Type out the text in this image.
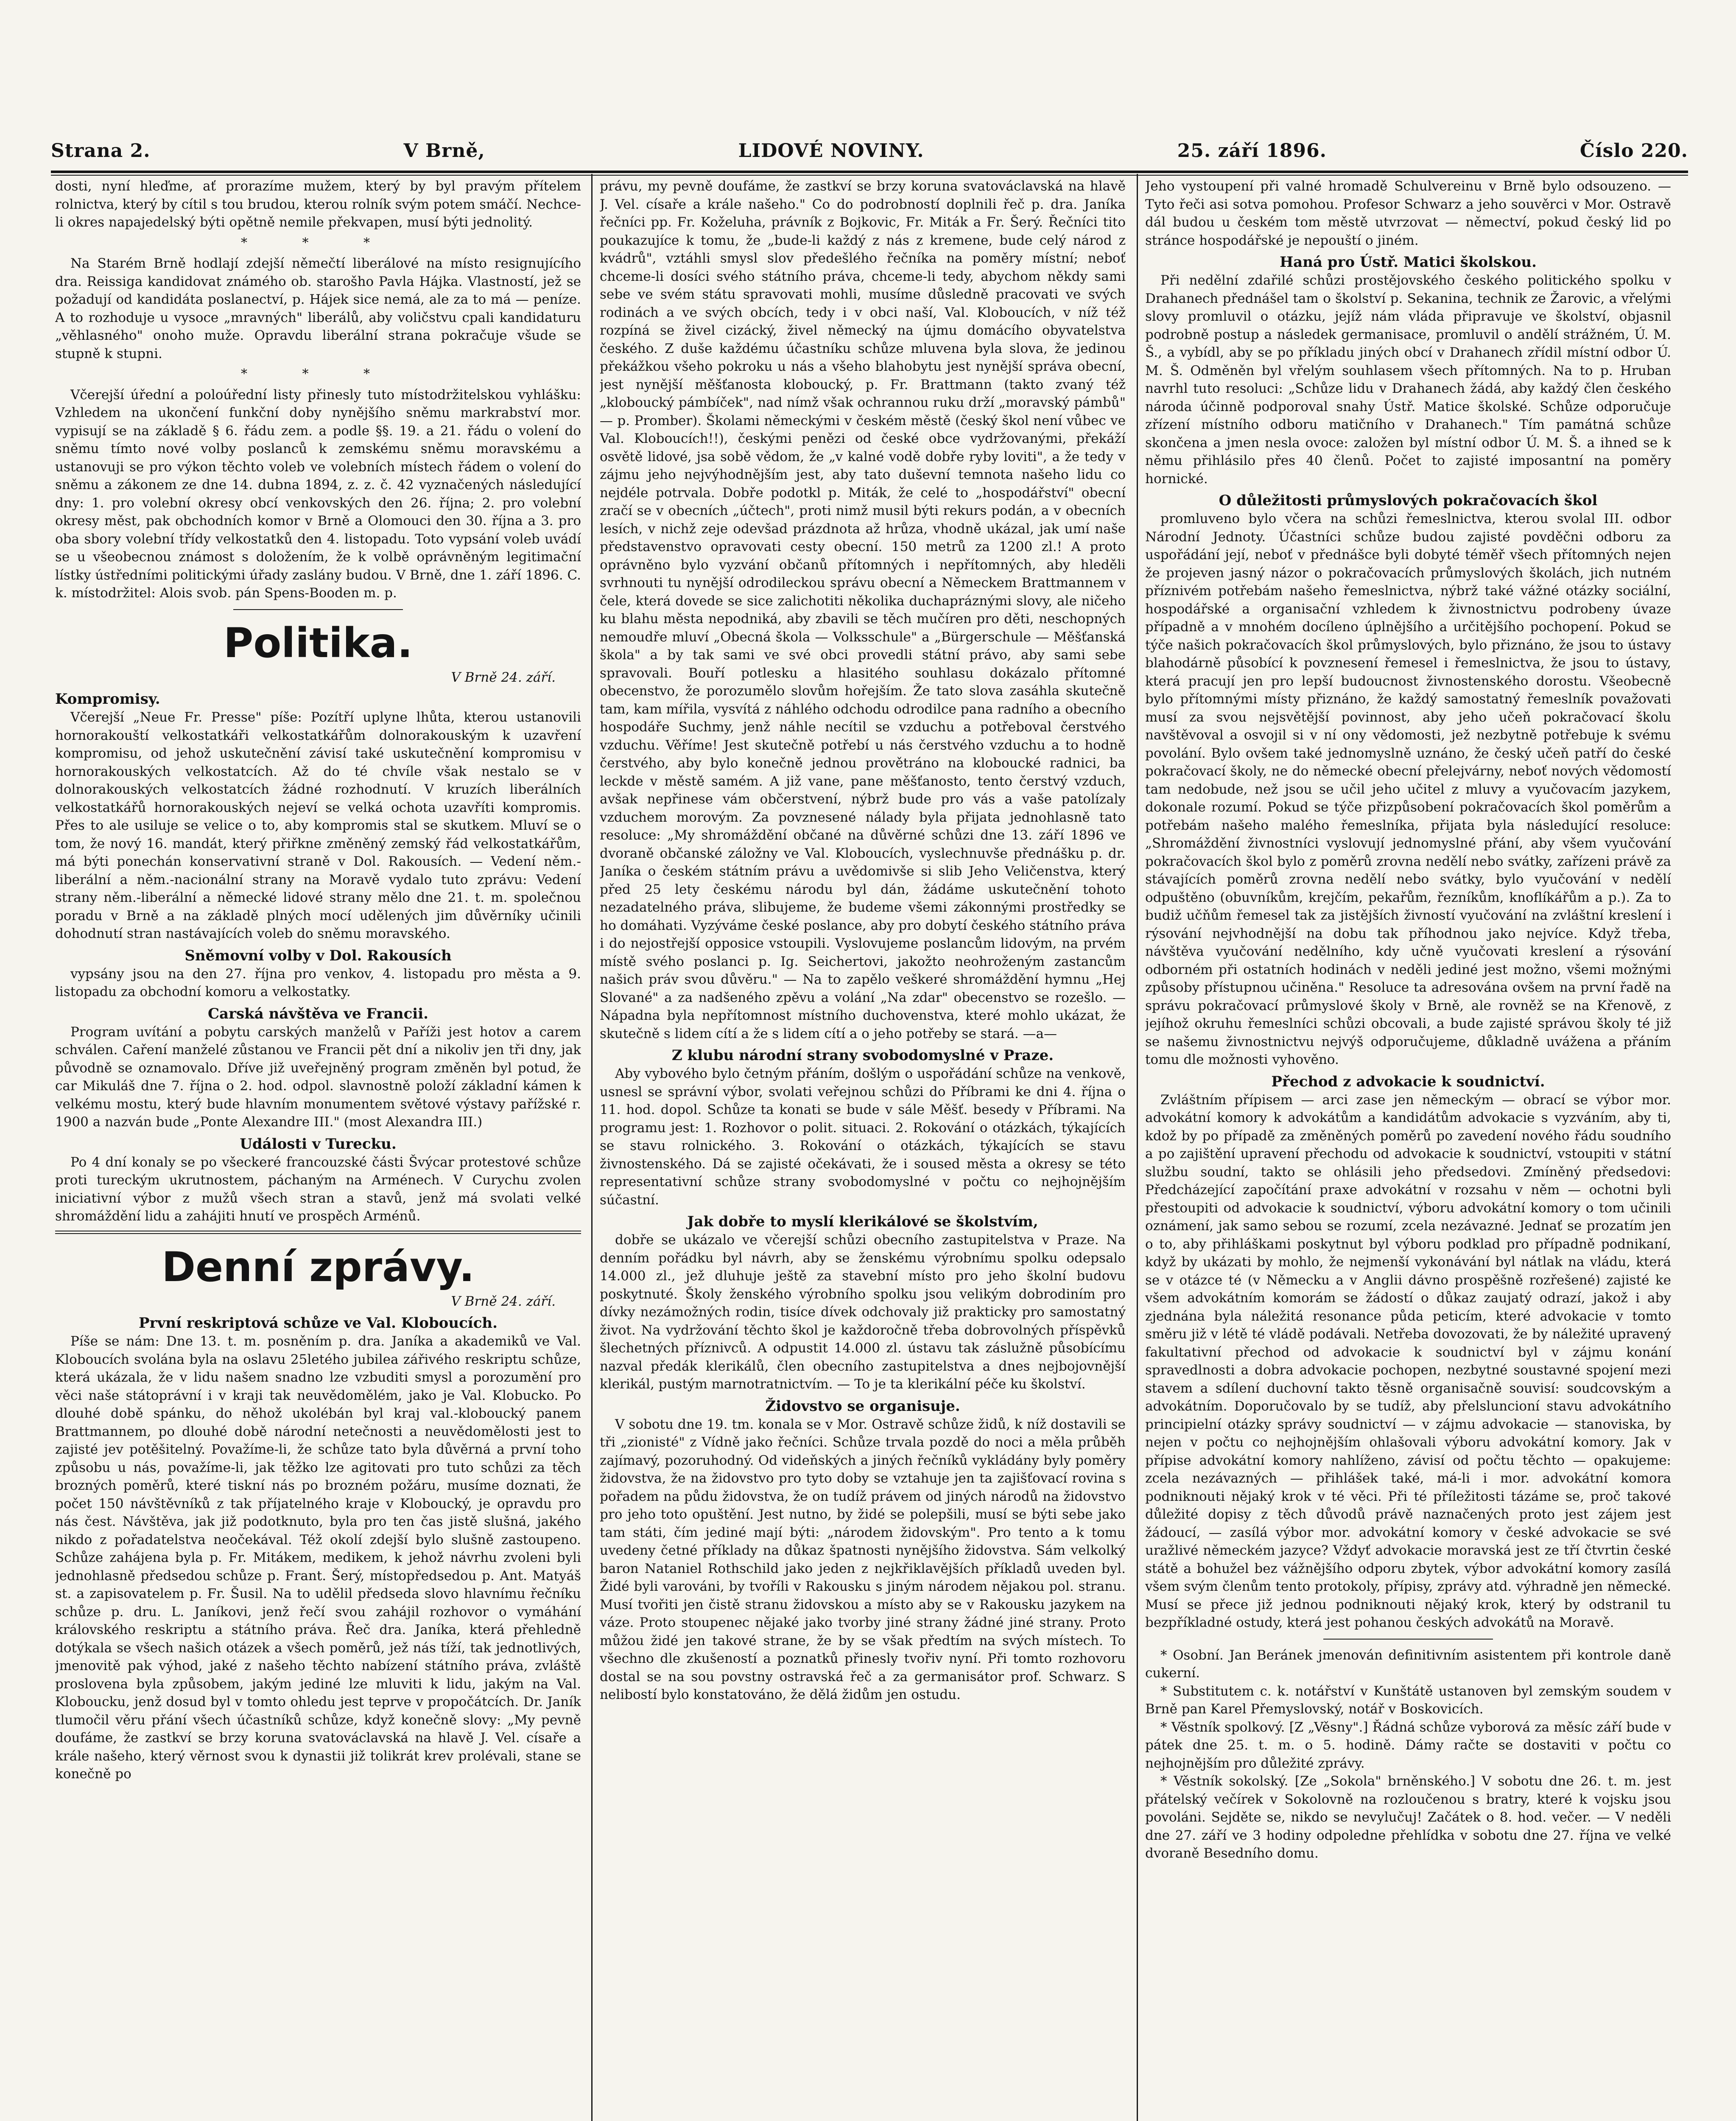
Strana 2.	V Brně,	LIDOVÉ NOVINY.	25. září 1896.	Číslo 220.

dosti, nyní hleďme, ať prorazíme mužem, který by byl pravým přítelem rolnictva, který by cítil s tou brudou, kterou rolník svým potem smáčí. Nechce-li okres napajedelský býti opětně nemile překvapen, musí býti jednolitý.

* * *

Na Starém Brně hodlají zdejší němečtí liberálové na místo resignujícího dra. Reissiga kandidovat známého ob. starošho Pavla Hájka. Vlastností, jež se požadují od kandidáta poslanectví, p. Hájek sice nemá, ale za to má — peníze. A to rozhoduje u vysoce „mravných" liberálů, aby voličstvu cpali kandidaturu „věhlasného" onoho muže. Opravdu liberální strana pokračuje všude se stupně k stupni.

* * *

Včerejší úřední a poloúřední listy přinesly tuto místodržitelskou vyhlášku: Vzhledem na ukončení funkční doby nynějšího sněmu markrabství mor. vypisují se na základě § 6. řádu zem. a podle §§. 19. a 21. řádu o volení do sněmu tímto nové volby poslanců k zemskému sněmu moravskému a ustanovuji se pro výkon těchto voleb ve volebních místech řádem o volení do sněmu a zákonem ze dne 14. dubna 1894, z. z. č. 42 vyznačených následující dny: 1. pro volební okresy obcí venkovských den 26. října; 2. pro volební okresy měst, pak obchodních komor v Brně a Olomouci den 30. října a 3. pro oba sbory volební třídy velkostatků den 4. listopadu. Toto vypsání voleb uvádí se u všeobecnou známost s doložením, že k volbě oprávněným legitimační lístky ústředními politickými úřady zaslány budou. V Brně, dne 1. září 1896. C. k. místodržitel: Alois svob. pán Spens-Booden m. p.

Politika.
V Brně 24. září.
Kompromisy.

Včerejší „Neue Fr. Presse" píše: Pozítří uplyne lhůta, kterou ustanovili hornorakouští velkostatkáři velkostatkářům dolnorakouským k uzavření kompromisu, od jehož uskutečnění závisí také uskutečnění kompromisu v hornorakouských velkostatcích. Až do té chvíle však nestalo se v dolnorakouských velkostatcích žádné rozhodnutí. V kruzích liberálních velkostatkářů hornorakouských nejeví se velká ochota uzavříti kompromis. Přes to ale usiluje se velice o to, aby kompromis stal se skutkem. Mluví se o tom, že nový 16. mandát, který přiřkne změněný zemský řád velkostatkářům, má býti ponechán konservativní straně v Dol. Rakousích. — Vedení něm.-liberální a něm.-nacionální strany na Moravě vydalo tuto zprávu: Vedení strany něm.-liberální a německé lidové strany mělo dne 21. t. m. společnou poradu v Brně a na základě plných mocí udělených jim důvěrníky učinili dohodnutí stran nastávajících voleb do sněmu moravského.

Sněmovní volby v Dol. Rakousích

vypsány jsou na den 27. října pro venkov, 4. listopadu pro města a 9. listopadu za obchodní komoru a velkostatky.

Carská návštěva ve Francii.

Program uvítání a pobytu carských manželů v Paříži jest hotov a carem schválen. Caření manželé zůstanou ve Francii pět dní a nikoliv jen tři dny, jak původně se oznamovalo. Dříve již uveřejněný program změněn byl potud, že car Mikuláš dne 7. října o 2. hod. odpol. slavnostně položí základní kámen k velkému mostu, který bude hlavním monumentem světové výstavy pařížské r. 1900 a nazván bude „Ponte Alexandre III." (most Alexandra III.)

Události v Turecku.

Po 4 dní konaly se po všeckeré francouzské části Švýcar protestové schůze proti tureckým ukrutnostem, páchaným na Arménech. V Curychu zvolen iniciativní výbor z mužů všech stran a stavů, jenž má svolati velké shromáždění lidu a zahájiti hnutí ve prospěch Arménů.

Denní zprávy.
V Brně 24. září.
První reskriptová schůze ve Val. Kloboucích.

Píše se nám: Dne 13. t. m. posněním p. dra. Janíka a akademiků ve Val. Kloboucích svolána byla na oslavu 25letého jubilea zářivého reskriptu schůze, která ukázala, že v lidu našem snadno lze vzbuditi smysl a porozumění pro věci naše státoprávní i v kraji tak neuvědomělém, jako je Val. Klobucko. Po dlouhé době spánku, do něhož ukolébán byl kraj val.-kloboucký panem Brattmannem, po dlouhé době národní netečnosti a neuvědomělosti jest to zajisté jev potěšitelný. Považíme-li, že schůze tato byla důvěrná a první toho způsobu u nás, považíme-li, jak těžko lze agitovati pro tuto schůzi za těch brozných poměrů, které tiskní nás po brozném požáru, musíme doznati, že počet 150 návštěvníků z tak příjatelného kraje v Kloboucký, je opravdu pro nás čest. Návštěva, jak již podotknuto, byla pro ten čas jistě slušná, jakého nikdo z pořadatelstva neočekával. Též okolí zdejší bylo slušně zastoupeno. Schůze zahájena byla p. Fr. Mitákem, medikem, k jehož návrhu zvoleni byli jednohlasně předsedou schůze p. Frant. Šerý, místopředsedou p. Ant. Matyáš st. a zapisovatelem p. Fr. Šusil. Na to udělil předseda slovo hlavnímu řečníku schůze p. dru. L. Janíkovi, jenž řečí svou zahájil rozhovor o vymáhání královského reskriptu a státního práva. Řeč dra. Janíka, která přehledně dotýkala se všech našich otázek a všech poměrů, jež nás tíží, tak jednotlivých, jmenovitě pak výhod, jaké z našeho těchto nabízení státního práva, zvláště proslovena byla způsobem, jakým jediné lze mluviti k lidu, jakým na Val. Kloboucku, jenž dosud byl v tomto ohledu jest teprve v propočátcích. Dr. Janík tlumočil věru přání všech účastníků schůze, když konečně slovy: „My pevně doufáme, že zastkví se brzy koruna svatováclavská na hlavě J. Vel. císaře a krále našeho, který věrnost svou k dynastii již tolikrát krev prolévali, stane se konečně po

právu, my pevně doufáme, že zastkví se brzy koruna svatováclavská na hlavě J. Vel. císaře a krále našeho." Co do podrobností doplnili řeč p. dra. Janíka řečníci pp. Fr. Koželuha, právník z Bojkovic, Fr. Miták a Fr. Šerý. Řečníci tito poukazujíce k tomu, že „bude-li každý z nás z kremene, bude celý národ z kvádrů", vztáhli smysl slov předešlého řečníka na poměry místní; neboť chceme-li dosíci svého státního práva, chceme-li tedy, abychom někdy sami sebe ve svém státu spravovati mohli, musíme důsledně pracovati ve svých rodinách a ve svých obcích, tedy i v obci naší, Val. Kloboucích, v níž též rozpíná se živel cizácký, živel německý na újmu domácího obyvatelstva českého. Z duše každému účastníku schůze mluvena byla slova, že jedinou překážkou všeho pokroku u nás a všeho blahobytu jest nynější správa obecní, jest nynější měšťanosta kloboucký, p. Fr. Brattmann (takto zvaný též „kloboucký pámbíček", nad nímž však ochrannou ruku drží „moravský pámbů" — p. Promber). Školami německými v českém městě (český škol není vůbec ve Val. Kloboucích!!), českými penězi od české obce vydržovanými, překáží osvětě lidové, jsa sobě vědom, že „v kalné vodě dobře ryby loviti", a že tedy v zájmu jeho nejvýhodnějším jest, aby tato duševní temnota našeho lidu co nejdéle potrvala. Dobře podotkl p. Miták, že celé to „hospodářství" obecní zračí se v obecních „účtech", proti nimž musil býti rekurs podán, a v obecních lesích, v nichž zeje odevšad prázdnota až hrůza, vhodně ukázal, jak umí naše představenstvo opravovati cesty obecní. 150 metrů za 1200 zl.! A proto oprávněno bylo vyzvání občanů přítomných i nepřítomných, aby hleděli svrhnouti tu nynější odrodileckou správu obecní a Německem Brattmannem v čele, která dovede se sice zalichotiti několika duchapráznými slovy, ale ničeho ku blahu města nepodniká, aby zbavili se těch mučíren pro děti, neschopných nemoudře mluví „Obecná škola — Volksschule" a „Bürgerschule — Měšťanská škola" a by tak sami ve své obci provedli státní právo, aby sami sebe spravovali. Bouří potlesku a hlasitého souhlasu dokázalo přítomné obecenstvo, že porozumělo slovům hořejším. Že tato slova zasáhla skutečně tam, kam mířila, vysvítá z náhlého odchodu odrodilce pana radního a obecního hospodáře Suchmy, jenž náhle necítil se vzduchu a potřeboval čerstvého vzduchu. Věříme! Jest skutečně potřebí u nás čerstvého vzduchu a to hodně čerstvého, aby bylo konečně jednou provětráno na kloboucké radnici, ba leckde v městě samém. A již vane, pane měšťanosto, tento čerstvý vzduch, avšak nepřinese vám občerstvení, nýbrž bude pro vás a vaše patolízaly vzduchem morovým. Za povznesené nálady byla přijata jednohlasně tato resoluce: „My shromáždění občané na důvěrné schůzi dne 13. září 1896 ve dvoraně občanské záložny ve Val. Kloboucích, vyslechnuvše přednášku p. dr. Janíka o českém státním právu a uvědomivše si slib Jeho Veličenstva, který před 25 lety českému národu byl dán, žádáme uskutečnění tohoto nezadatelného práva, slibujeme, že budeme všemi zákonnými prostředky se ho domáhati. Vyzýváme české poslance, aby pro dobytí českého státního práva i do nejostřejší opposice vstoupili. Vyslovujeme poslancům lidovým, na prvém místě svého poslanci p. Ig. Seichertovi, jakožto neohroženým zastancům našich práv svou důvěru." — Na to zapělo veškeré shromáždění hymnu „Hej Slované" a za nadšeného zpěvu a volání „Na zdar" obecenstvo se rozešlo. — Nápadna byla nepřítomnost místního duchovenstva, které mohlo ukázat, že skutečně s lidem cítí a že s lidem cítí a o jeho potřeby se stará. —a—

Z klubu národní strany svobodomyslné v Praze.

Aby vybového bylo četným přáním, došlým o uspořádání schůze na venkově, usnesl se správní výbor, svolati veřejnou schůzi do Příbrami ke dni 4. října o 11. hod. dopol. Schůze ta konati se bude v sále Měšť. besedy v Příbrami. Na programu jest: 1. Rozhovor o polit. situaci. 2. Rokování o otázkách, týkajících se stavu rolnického. 3. Rokování o otázkách, týkajících se stavu živnostenského. Dá se zajisté očekávati, že i soused města a okresy se této representativní schůze strany svobodomyslné v počtu co nejhojnějším súčastní.

Jak dobře to myslí klerikálové se školstvím,

dobře se ukázalo ve včerejší schůzi obecního zastupitelstva v Praze. Na denním pořádku byl návrh, aby se ženskému výrobnímu spolku odepsalo 14.000 zl., jež dluhuje ještě za stavební místo pro jeho školní budovu poskytnuté. Školy ženského výrobního spolku jsou velikým dobrodiním pro dívky nezámožných rodin, tisíce dívek odchovaly již prakticky pro samostatný život. Na vydržování těchto škol je každoročně třeba dobrovolných příspěvků šlechetných příznivců. A odpustit 14.000 zl. ústavu tak záslužně působícímu nazval předák klerikálů, člen obecního zastupitelstva a dnes nejbojovnější klerikál, pustým marnotratnictvím. — To je ta klerikální péče ku školství.

Židovstvo se organisuje.

V sobotu dne 19. tm. konala se v Mor. Ostravě schůze židů, k níž dostavili se tři „zionisté" z Vídně jako řečníci. Schůze trvala pozdě do noci a měla průběh zajímavý, pozoruhodný. Od videňských a jiných řečníků vykládány byly poměry židovstva, že na židovstvo pro tyto doby se vztahuje jen ta zajišťovací rovina s pořadem na půdu židovstva, že on tudíž právem od jiných národů na židovstvo pro jeho toto opuštění. Jest nutno, by židé se polepšili, musí se býti sebe jako tam státi, čím jediné mají býti: „národem židovským". Pro tento a k tomu uvedeny četné příklady na důkaz špatnosti nynějšího židovstva. Sám velkolký baron Nataniel Rothschild jako jeden z nejkřiklavějších příkladů uveden byl. Židé byli varováni, by tvoříli v Rakousku s jiným národem nějakou pol. stranu. Musí tvořiti jen čistě stranu židovskou a místo aby se v Rakousku jazykem na váze. Proto stoupenec nějaké jako tvorby jiné strany žádné jiné strany. Proto můžou židé jen takové strane, že by se však předtím na svých místech. To všechno dle zkušeností a poznatků přinesly tvořiv nyní. Při tomto rozhovoru dostal se na sou povstny ostravská řeč a za germanisátor prof. Schwarz. S nelibostí bylo konstatováno, že dělá židům jen ostudu.

Jeho vystoupení při valné hromadě Schulvereinu v Brně bylo odsouzeno. — Tyto řeči asi sotva pomohou. Profesor Schwarz a jeho souvěrci v Mor. Ostravě dál budou u českém tom městě utvrzovat — němectví, pokud český lid po stránce hospodářské je nepouští o jiném.

Haná pro Ústř. Matici školskou.

Při nedělní zdařilé schůzi prostějovského českého politického spolku v Drahanech přednášel tam o školství p. Sekanina, technik ze Žarovic, a vřelými slovy promluvil o otázku, jejíž nám vláda připravuje ve školství, objasnil podrobně postup a následek germanisace, promluvil o andělí strážném, Ú. M. Š., a vybídl, aby se po příkladu jiných obcí v Drahanech zřídil místní odbor Ú. M. Š. Odměněn byl vřelým souhlasem všech přítomných. Na to p. Hruban navrhl tuto resoluci: „Schůze lidu v Drahanech žádá, aby každý člen českého národa účinně podporoval snahy Ústř. Matice školské. Schůze odporučuje zřízení místního odboru matičního v Drahanech." Tím památná schůze skončena a jmen nesla ovoce: založen byl místní odbor Ú. M. Š. a ihned se k němu přihlásilo přes 40 členů. Počet to zajisté imposantní na poměry hornické.

O důležitosti průmyslových pokračovacích škol

promluveno bylo včera na schůzi řemeslnictva, kterou svolal III. odbor Národní Jednoty. Účastníci schůze budou zajisté povděčni odboru za uspořádání její, neboť v přednášce byli dobyté téměř všech přítomných nejen že projeven jasný názor o pokračovacích průmyslových školách, jich nutném příznivém potřebám našeho řemeslnictva, nýbrž také vážné otázky sociální, hospodářské a organisační vzhledem k živnostnictvu podrobeny úvaze případně a v mnohém docíleno úplnějšího a určitějšího pochopení. Pokud se týče našich pokračovacích škol průmyslových, bylo přiznáno, že jsou to ústavy blahodárně působící k povznesení řemesel i řemeslnictva, že jsou to ústavy, která pracují jen pro lepší budoucnost živnostenského dorostu. Všeobecně bylo přítomnými místy přiznáno, že každý samostatný řemeslník považovati musí za svou nejsvětější povinnost, aby jeho učeň pokračovací školu navštěvoval a osvojil si v ní ony vědomosti, jež nezbytně potřebuje k svému povolání. Bylo ovšem také jednomyslně uznáno, že český učeň patří do české pokračovací školy, ne do německé obecní přelejvárny, neboť nových vědomostí tam nedobude, než jsou se učil jeho učitel z mluvy a vyučovacím jazykem, dokonale rozumí. Pokud se týče přizpůsobení pokračovacích škol poměrům a potřebám našeho malého řemeslníka, přijata byla následující resoluce: „Shromáždění živnostníci vyslovují jednomyslné přání, aby všem vyučování pokračovacích škol bylo z poměrů zrovna nedělí nebo svátky, zařízeni právě za stávajících poměrů zrovna nedělí nebo svátky, bylo vyučování v nedělí odpuštěno (obuvníkům, krejčím, pekařům, řezníkům, knoflíkářům a p.). Za to budiž učňům řemesel tak za jistějších živností vyučování na zvláštní kreslení i rýsování nejvhodnější na dobu tak příhodnou jako nejvíce. Když třeba, návštěva vyučování nedělního, kdy učně vyučovati kreslení a rýsování odborném při ostatních hodinách v neděli jediné jest možno, všemi možnými způsoby přístupnou učiněna." Resoluce ta adresována ovšem na první řadě na správu pokračovací průmyslové školy v Brně, ale rovněž se na Křenově, z jejíhož okruhu řemeslníci schůzi obcovali, a bude zajisté správou školy té již se našemu živnostnictvu nejvýš odporučujeme, důkladně uvážena a přáním tomu dle možnosti vyhověno.

Přechod z advokacie k soudnictví.

Zvláštním přípisem — arci zase jen německým — obrací se výbor mor. advokátní komory k advokátům a kandidátům advokacie s vyzváním, aby ti, kdož by po případě za změněných poměrů po zavedení nového řádu soudního a po zajištění upravení přechodu od advokacie k soudnictví, vstoupiti v státní službu soudní, takto se ohlásili jeho předsedovi. Zmíněný předsedovi: Předcházející započítání praxe advokátní v rozsahu v něm — ochotni byli přestoupiti od advokacie k soudnictví, výboru advokátní komory o tom učinili oznámení, jak samo sebou se rozumí, zcela nezávazné. Jednať se prozatím jen o to, aby přihláškami poskytnut byl výboru podklad pro případně podnikaní, když by ukázati by mohlo, že nejmenší vykonávání byl nátlak na vládu, která se v otázce té (v Německu a v Anglii dávno prospěšně rozřešené) zajisté ke všem advokátním komorám se žádostí o důkaz zaujatý odrazí, jakož i aby zjednána byla náležitá resonance půda peticím, které advokacie v tomto směru již v létě té vládě podávali. Netřeba dovozovati, že by náležité upravený fakultativní přechod od advokacie k soudnictví byl v zájmu konání spravedlnosti a dobra advokacie pochopen, nezbytné soustavné spojení mezi stavem a sdílení duchovní takto těsně organisačně souvisí: soudcovským a advokátním. Doporučovalo by se tudíž, aby přelsluncioní stavu advokátního principielní otázky správy soudnictví — v zájmu advokacie — stanoviska, by nejen v počtu co nejhojnějším ohlašovali výboru advokátní komory. Jak v přípise advokátní komory nahlíženo, závisí od počtu těchto — opakujeme: zcela nezávazných — přihlášek také, má-li i mor. advokátní komora podniknouti nějaký krok v té věci. Při té příležitosti tázáme se, proč takové důležité dopisy z těch důvodů právě naznačených proto jest zájem jest žádoucí, — zasílá výbor mor. advokátní komory v české advokacie se své uražlivé německém jazyce? Vždyť advokacie moravská jest ze tří čtvrtin české státě a bohužel bez vážnějšího odporu zbytek, výbor advokátní komory zasílá všem svým členům tento protokoly, přípisy, zprávy atd. výhradně jen německé. Musí se přece již jednou podniknouti nějaký krok, který by odstranil tu bezpříkladné ostudy, která jest pohanou českých advokátů na Moravě.

* Osobní. Jan Beránek jmenován definitivním asistentem při kontrole daně cukerní.

* Substitutem c. k. notářství v Kunštátě ustanoven byl zemským soudem v Brně pan Karel Přemyslovský, notář v Boskovicích.

* Věstník spolkový. [Z „Věsny".] Řádná schůze vyborová za měsíc září bude v pátek dne 25. t. m. o 5. hodině. Dámy račte se dostaviti v počtu co nejhojnějším pro důležité zprávy.

* Věstník sokolský. [Ze „Sokola" brněnského.] V sobotu dne 26. t. m. jest přátelský večírek v Sokolovně na rozloučenou s bratry, které k vojsku jsou povoláni. Sejděte se, nikdo se nevylučuj! Začátek o 8. hod. večer. — V neděli dne 27. září ve 3 hodiny odpoledne přehlídka v sobotu dne 27. října ve velké dvoraně Besedního domu.
